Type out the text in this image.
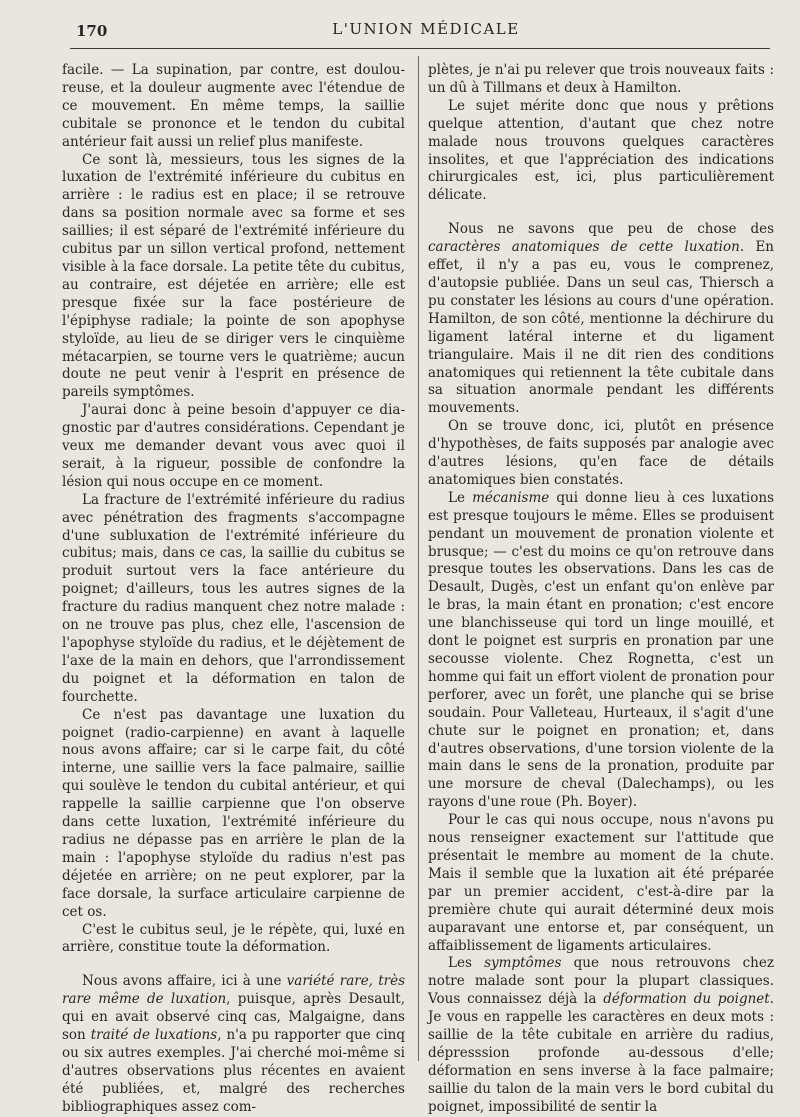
170	L'UNION MÉDICALE

facile. — La supination, par contre, est douloureuse, et la douleur augmente avec l'étendue de ce mouvement. En même temps, la saillie cubitale se prononce et le tendon du cubital antérieur fait aussi un relief plus manifeste.

Ce sont là, messieurs, tous les signes de la luxation de l'extrémité inférieure du cubitus en arrière : le radius est en place; il se retrouve dans sa position normale avec sa forme et ses saillies; il est séparé de l'extrémité inférieure du cubitus par un sillon vertical profond, nettement visible à la face dorsale. La petite tête du cubitus, au contraire, est déjetée en arrière; elle est presque fixée sur la face postérieure de l'épiphyse radiale; la pointe de son apophyse styloïde, au lieu de se diriger vers le cinquième métacarpien, se tourne vers le quatrième; aucun doute ne peut venir à l'esprit en présence de pareils symptômes.

J'aurai donc à peine besoin d'appuyer ce diagnostic par d'autres considérations. Cependant je veux me demander devant vous avec quoi il serait, à la rigueur, possible de confondre la lésion qui nous occupe en ce moment.

La fracture de l'extrémité inférieure du radius avec pénétration des fragments s'accompagne d'une subluxation de l'extrémité inférieure du cubitus; mais, dans ce cas, la saillie du cubitus se produit surtout vers la face antérieure du poignet; d'ailleurs, tous les autres signes de la fracture du radius manquent chez notre malade : on ne trouve pas plus, chez elle, l'ascension de l'apophyse styloïde du radius, et le déjètement de l'axe de la main en dehors, que l'arrondissement du poignet et la déformation en talon de fourchette.

Ce n'est pas davantage une luxation du poignet (radio-carpienne) en avant à laquelle nous avons affaire; car si le carpe fait, du côté interne, une saillie vers la face palmaire, saillie qui soulève le tendon du cubital antérieur, et qui rappelle la saillie carpienne que l'on observe dans cette luxation, l'extrémité inférieure du radius ne dépasse pas en arrière le plan de la main : l'apophyse styloïde du radius n'est pas déjetée en arrière; on ne peut explorer, par la face dorsale, la surface articulaire carpienne de cet os.

C'est le cubitus seul, je le répète, qui, luxé en arrière, constitue toute la déformation.

Nous avons affaire, ici à une variété rare, très rare même de luxation, puisque, après Desault, qui en avait observé cinq cas, Malgaigne, dans son traité de luxations, n'a pu rapporter que cinq ou six autres exemples. J'ai cherché moi-même si d'autres observations plus récentes en avaient été publiées, et, malgré des recherches bibliographiques assez com-

plètes, je n'ai pu relever que trois nouveaux faits : un dû à Tillmans et deux à Hamilton.

Le sujet mérite donc que nous y prêtions quelque attention, d'autant que chez notre malade nous trouvons quelques caractères insolites, et que l'appréciation des indications chirurgicales est, ici, plus particulièrement délicate.

Nous ne savons que peu de chose des caractères anatomiques de cette luxation. En effet, il n'y a pas eu, vous le comprenez, d'autopsie publiée. Dans un seul cas, Thiersch a pu constater les lésions au cours d'une opération. Hamilton, de son côté, mentionne la déchirure du ligament latéral interne et du ligament triangulaire. Mais il ne dit rien des conditions anatomiques qui retiennent la tête cubitale dans sa situation anormale pendant les différents mouvements.

On se trouve donc, ici, plutôt en présence d'hypothèses, de faits supposés par analogie avec d'autres lésions, qu'en face de détails anatomiques bien constatés.

Le mécanisme qui donne lieu à ces luxations est presque toujours le même. Elles se produisent pendant un mouvement de pronation violente et brusque; — c'est du moins ce qu'on retrouve dans presque toutes les observations. Dans les cas de Desault, Dugès, c'est un enfant qu'on enlève par le bras, la main étant en pronation; c'est encore une blanchisseuse qui tord un linge mouillé, et dont le poignet est surpris en pronation par une secousse violente. Chez Rognetta, c'est un homme qui fait un effort violent de pronation pour perforer, avec un forêt, une planche qui se brise soudain. Pour Valleteau, Hurteaux, il s'agit d'une chute sur le poignet en pronation; et, dans d'autres observations, d'une torsion violente de la main dans le sens de la pronation, produite par une morsure de cheval (Dalechamps), ou les rayons d'une roue (Ph. Boyer).

Pour le cas qui nous occupe, nous n'avons pu nous renseigner exactement sur l'attitude que présentait le membre au moment de la chute. Mais il semble que la luxation ait été préparée par un premier accident, c'est-à-dire par la première chute qui aurait déterminé deux mois auparavant une entorse et, par conséquent, un affaiblissement de ligaments articulaires.

Les symptômes que nous retrouvons chez notre malade sont pour la plupart classiques. Vous connaissez déjà la déformation du poignet. Je vous en rappelle les caractères en deux mots : saillie de la tête cubitale en arrière du radius, dépresssion profonde au-dessous d'elle; déformation en sens inverse à la face palmaire; saillie du talon de la main vers le bord cubital du poignet, impossibilité de sentir la
